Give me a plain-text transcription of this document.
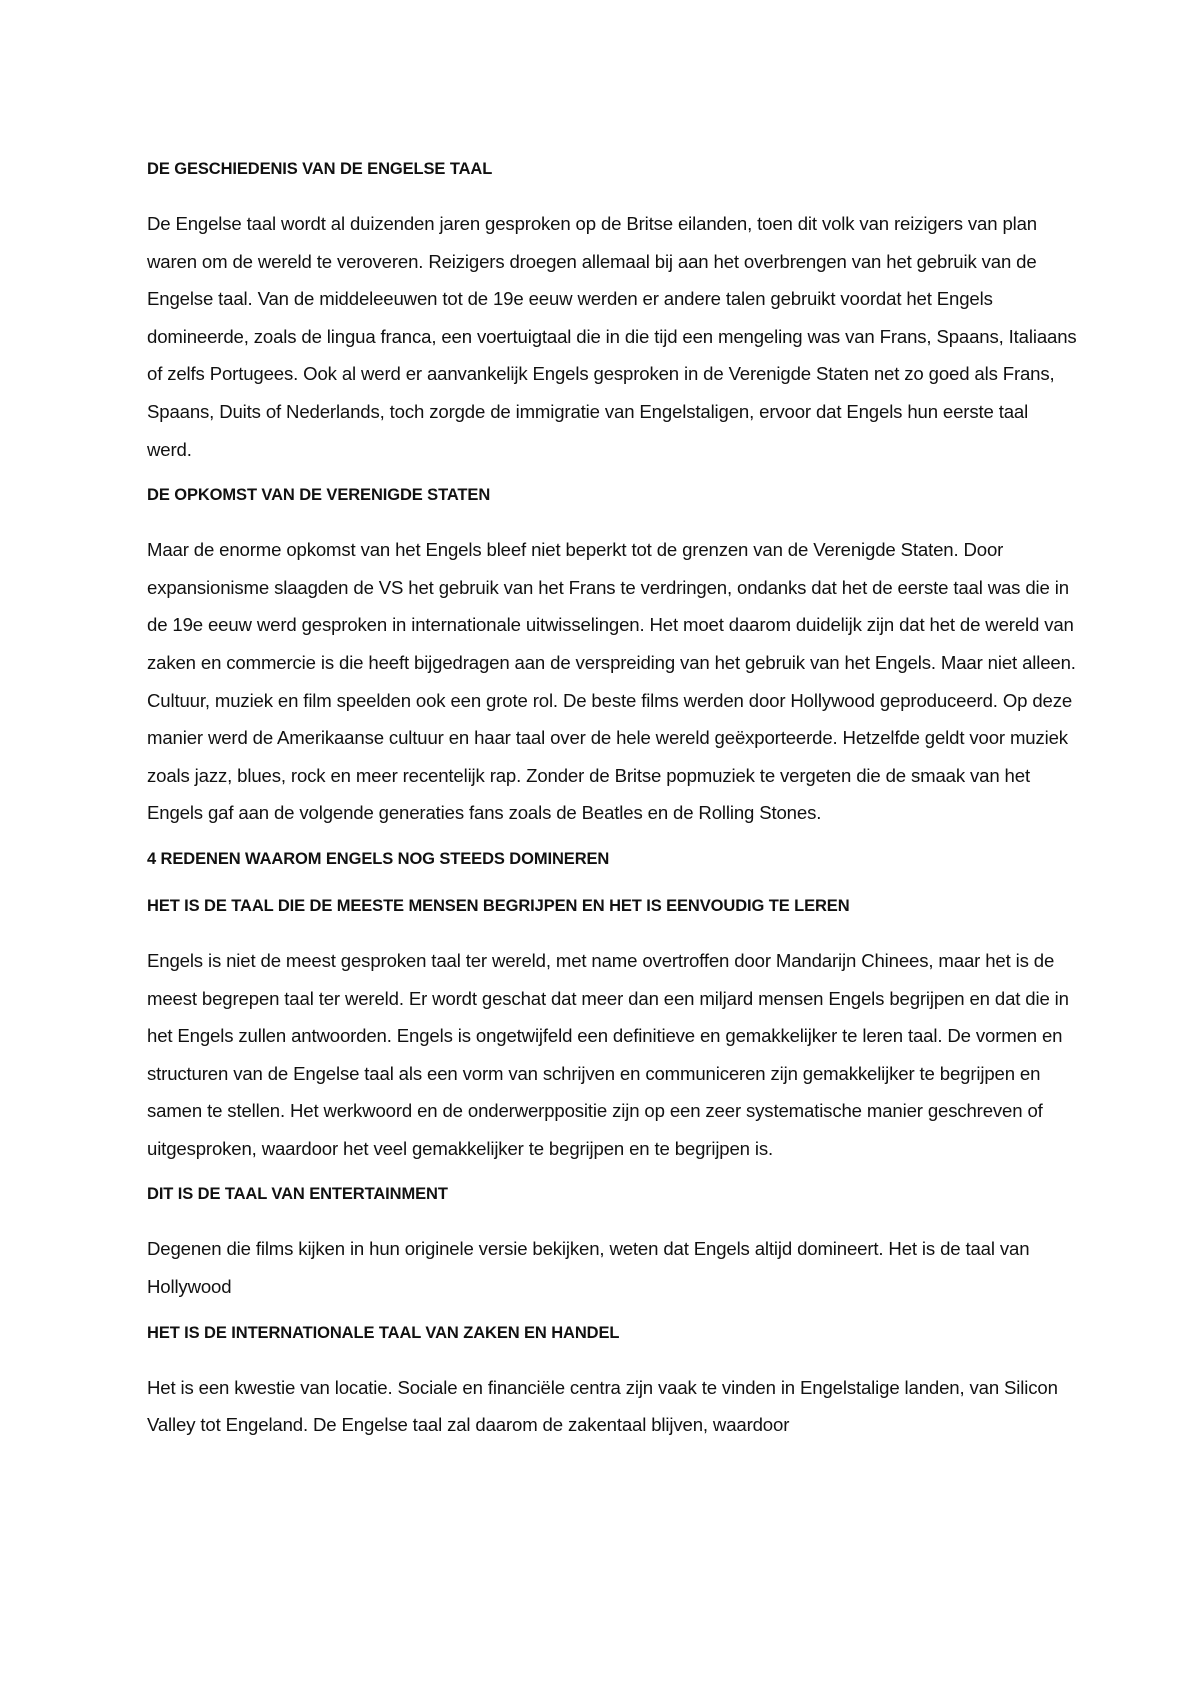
DE GESCHIEDENIS VAN DE ENGELSE TAAL

De Engelse taal wordt al duizenden jaren gesproken op de Britse eilanden, toen dit volk van reizigers van plan waren om de wereld te veroveren. Reizigers droegen allemaal bij aan het overbrengen van het gebruik van de Engelse taal. Van de middeleeuwen tot de 19e eeuw werden er andere talen gebruikt voordat het Engels domineerde, zoals de lingua franca, een voertuigtaal die in die tijd een mengeling was van Frans, Spaans, Italiaans of zelfs Portugees. Ook al werd er aanvankelijk Engels gesproken in de Verenigde Staten net zo goed als Frans, Spaans, Duits of Nederlands, toch zorgde de immigratie van Engelstaligen, ervoor dat Engels hun eerste taal werd.

DE OPKOMST VAN DE VERENIGDE STATEN

Maar de enorme opkomst van het Engels bleef niet beperkt tot de grenzen van de Verenigde Staten. Door expansionisme slaagden de VS het gebruik van het Frans te verdringen, ondanks dat het de eerste taal was die in de 19e eeuw werd gesproken in internationale uitwisselingen. Het moet daarom duidelijk zijn dat het de wereld van zaken en commercie is die heeft bijgedragen aan de verspreiding van het gebruik van het Engels. Maar niet alleen. Cultuur, muziek en film speelden ook een grote rol. De beste films werden door Hollywood geproduceerd. Op deze manier werd de Amerikaanse cultuur en haar taal over de hele wereld geëxporteerde. Hetzelfde geldt voor muziek zoals jazz, blues, rock en meer recentelijk rap. Zonder de Britse popmuziek te vergeten die de smaak van het Engels gaf aan de volgende generaties fans zoals de Beatles en de Rolling Stones.

4 REDENEN WAAROM ENGELS NOG STEEDS DOMINEREN
HET IS DE TAAL DIE DE MEESTE MENSEN BEGRIJPEN EN HET IS EENVOUDIG TE LEREN

Engels is niet de meest gesproken taal ter wereld, met name overtroffen door Mandarijn Chinees, maar het is de meest begrepen taal ter wereld. Er wordt geschat dat meer dan een miljard mensen Engels begrijpen en dat die in het Engels zullen antwoorden. Engels is ongetwijfeld een definitieve en gemakkelijker te leren taal. De vormen en structuren van de Engelse taal als een vorm van schrijven en communiceren zijn gemakkelijker te begrijpen en samen te stellen. Het werkwoord en de onderwerppositie zijn op een zeer systematische manier geschreven of uitgesproken, waardoor het veel gemakkelijker te begrijpen en te begrijpen is.

DIT IS DE TAAL VAN ENTERTAINMENT

Degenen die films kijken in hun originele versie bekijken, weten dat Engels altijd domineert. Het is de taal van Hollywood

HET IS DE INTERNATIONALE TAAL VAN ZAKEN EN HANDEL

Het is een kwestie van locatie. Sociale en financiële centra zijn vaak te vinden in Engelstalige landen, van Silicon Valley tot Engeland. De Engelse taal zal daarom de zakentaal blijven, waardoor
